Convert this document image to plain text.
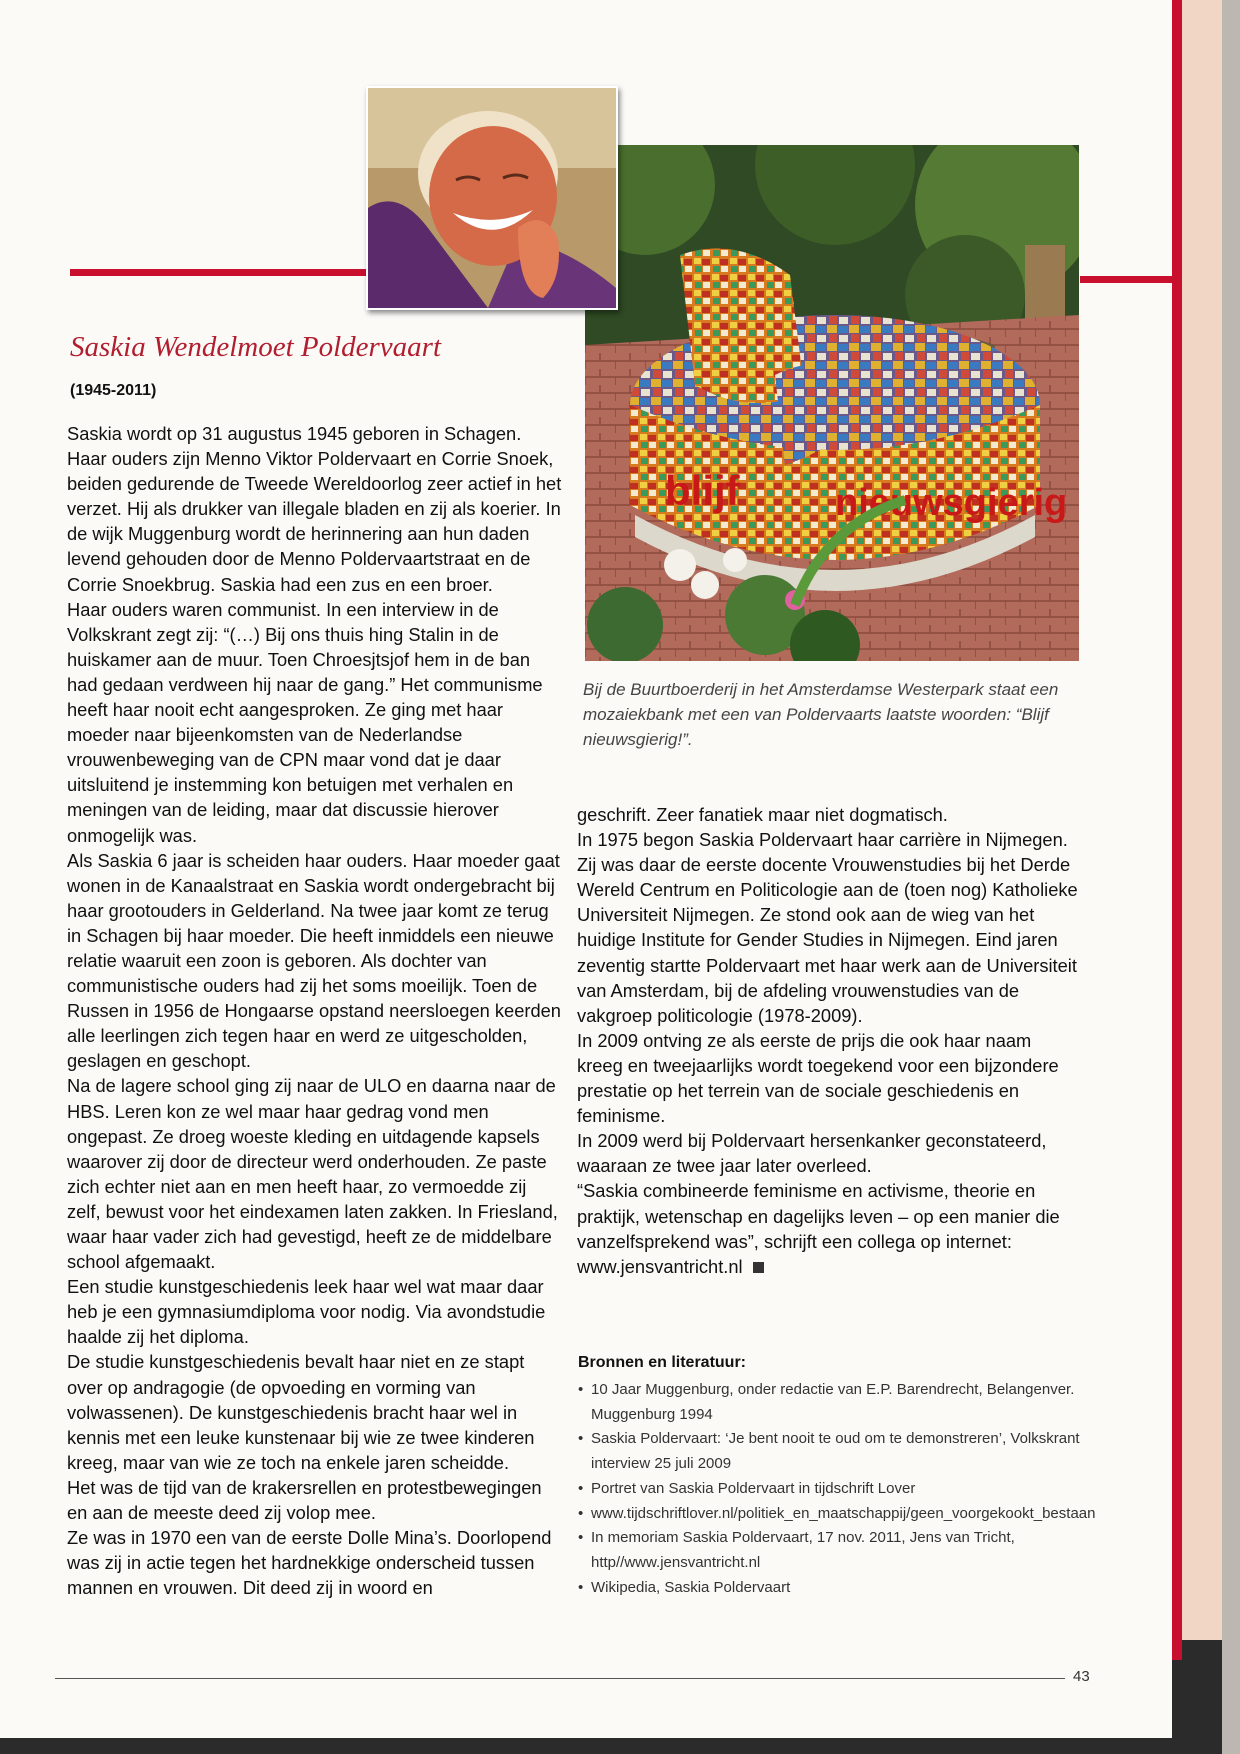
blijf	nieuwsgierig
Bij de Buurtboerderij in het Amsterdamse Westerpark staat een mozaiekbank met een van Poldervaarts laatste woorden: “Blijf nieuwsgierig!”.
Saskia Wendelmoet Poldervaart
(1945-2011)

Saskia wordt op 31 augustus 1945 geboren in Schagen. Haar ouders zijn Menno Viktor Poldervaart en Corrie Snoek, beiden gedurende de Tweede Wereldoorlog zeer actief in het verzet. Hij als drukker van illegale bladen en zij als koerier. In de wijk Muggenburg wordt de herinnering aan hun daden levend gehouden door de Menno Poldervaartstraat en de Corrie Snoekbrug. Saskia had een zus en een broer.

Haar ouders waren communist. In een interview in de Volkskrant zegt zij: “(…) Bij ons thuis hing Stalin in de huiskamer aan de muur. Toen Chroesjtsjof hem in de ban had gedaan verdween hij naar de gang.” Het communisme heeft haar nooit echt aangesproken. Ze ging met haar moeder naar bijeenkomsten van de Nederlandse vrouwenbeweging van de CPN maar vond dat je daar uitsluitend je instemming kon betuigen met verhalen en meningen van de leiding, maar dat discussie hierover onmogelijk was.

Als Saskia 6 jaar is scheiden haar ouders. Haar moeder gaat wonen in de Kanaalstraat en Saskia wordt ondergebracht bij haar grootouders in Gelderland. Na twee jaar komt ze terug in Schagen bij haar moeder. Die heeft inmiddels een nieuwe relatie waaruit een zoon is geboren. Als dochter van communistische ouders had zij het soms moeilijk. Toen de Russen in 1956 de Hongaarse opstand neersloegen keerden alle leerlingen zich tegen haar en werd ze uitgescholden, geslagen en geschopt.

Na de lagere school ging zij naar de ULO en daarna naar de HBS. Leren kon ze wel maar haar gedrag vond men ongepast. Ze droeg woeste kleding en uitdagende kapsels waarover zij door de directeur werd onderhouden. Ze paste zich echter niet aan en men heeft haar, zo vermoedde zij zelf, bewust voor het eindexamen laten zakken. In Friesland, waar haar vader zich had gevestigd, heeft ze de middelbare school afgemaakt.

Een studie kunstgeschiedenis leek haar wel wat maar daar heb je een gymnasiumdiploma voor nodig. Via avondstudie haalde zij het diploma.

De studie kunstgeschiedenis bevalt haar niet en ze stapt over op andragogie (de opvoeding en vorming van volwassenen). De kunstgeschiedenis bracht haar wel in kennis met een leuke kunstenaar bij wie ze twee kinderen kreeg, maar van wie ze toch na enkele jaren scheidde.

Het was de tijd van de krakersrellen en protestbewegingen en aan de meeste deed zij volop mee.

Ze was in 1970 een van de eerste Dolle Mina’s. Doorlopend was zij in actie tegen het hardnekkige onderscheid tussen mannen en vrouwen. Dit deed zij in woord en

geschrift. Zeer fanatiek maar niet dogmatisch.

In 1975 begon Saskia Poldervaart haar carrière in Nijmegen. Zij was daar de eerste docente Vrouwenstudies bij het Derde Wereld Centrum en Politicologie aan de (toen nog) Katholieke Universiteit Nijmegen. Ze stond ook aan de wieg van het huidige Institute for Gender Studies in Nijmegen. Eind jaren zeventig startte Poldervaart met haar werk aan de Universiteit van Amsterdam, bij de afdeling vrouwenstudies van de vakgroep politicologie (1978-2009).

In 2009 ontving ze als eerste de prijs die ook haar naam kreeg en tweejaarlijks wordt toegekend voor een bijzondere prestatie op het terrein van de sociale geschiedenis en feminisme.

In 2009 werd bij Poldervaart hersenkanker geconstateerd, waaraan ze twee jaar later overleed.

“Saskia combineerde feminisme en activisme, theorie en praktijk, wetenschap en dagelijks leven – op een manier die vanzelfsprekend was”, schrijft een collega op internet:

www.jensvantricht.nl

Bronnen en literatuur:
• 10 Jaar Muggenburg, onder redactie van E.P. Barendrecht, Belangenver. Muggenburg 1994
• Saskia Poldervaart: ‘Je bent nooit te oud om te demonstreren’, Volkskrant interview 25 juli 2009
• Portret van Saskia Poldervaart in tijdschrift Lover
• www.tijdschriftlover.nl/politiek_en_maatschappij/geen_voorgekookt_bestaan
• In memoriam Saskia Poldervaart, 17 nov. 2011, Jens van Tricht, http//www.jensvantricht.nl
• Wikipedia, Saskia Poldervaart
43
